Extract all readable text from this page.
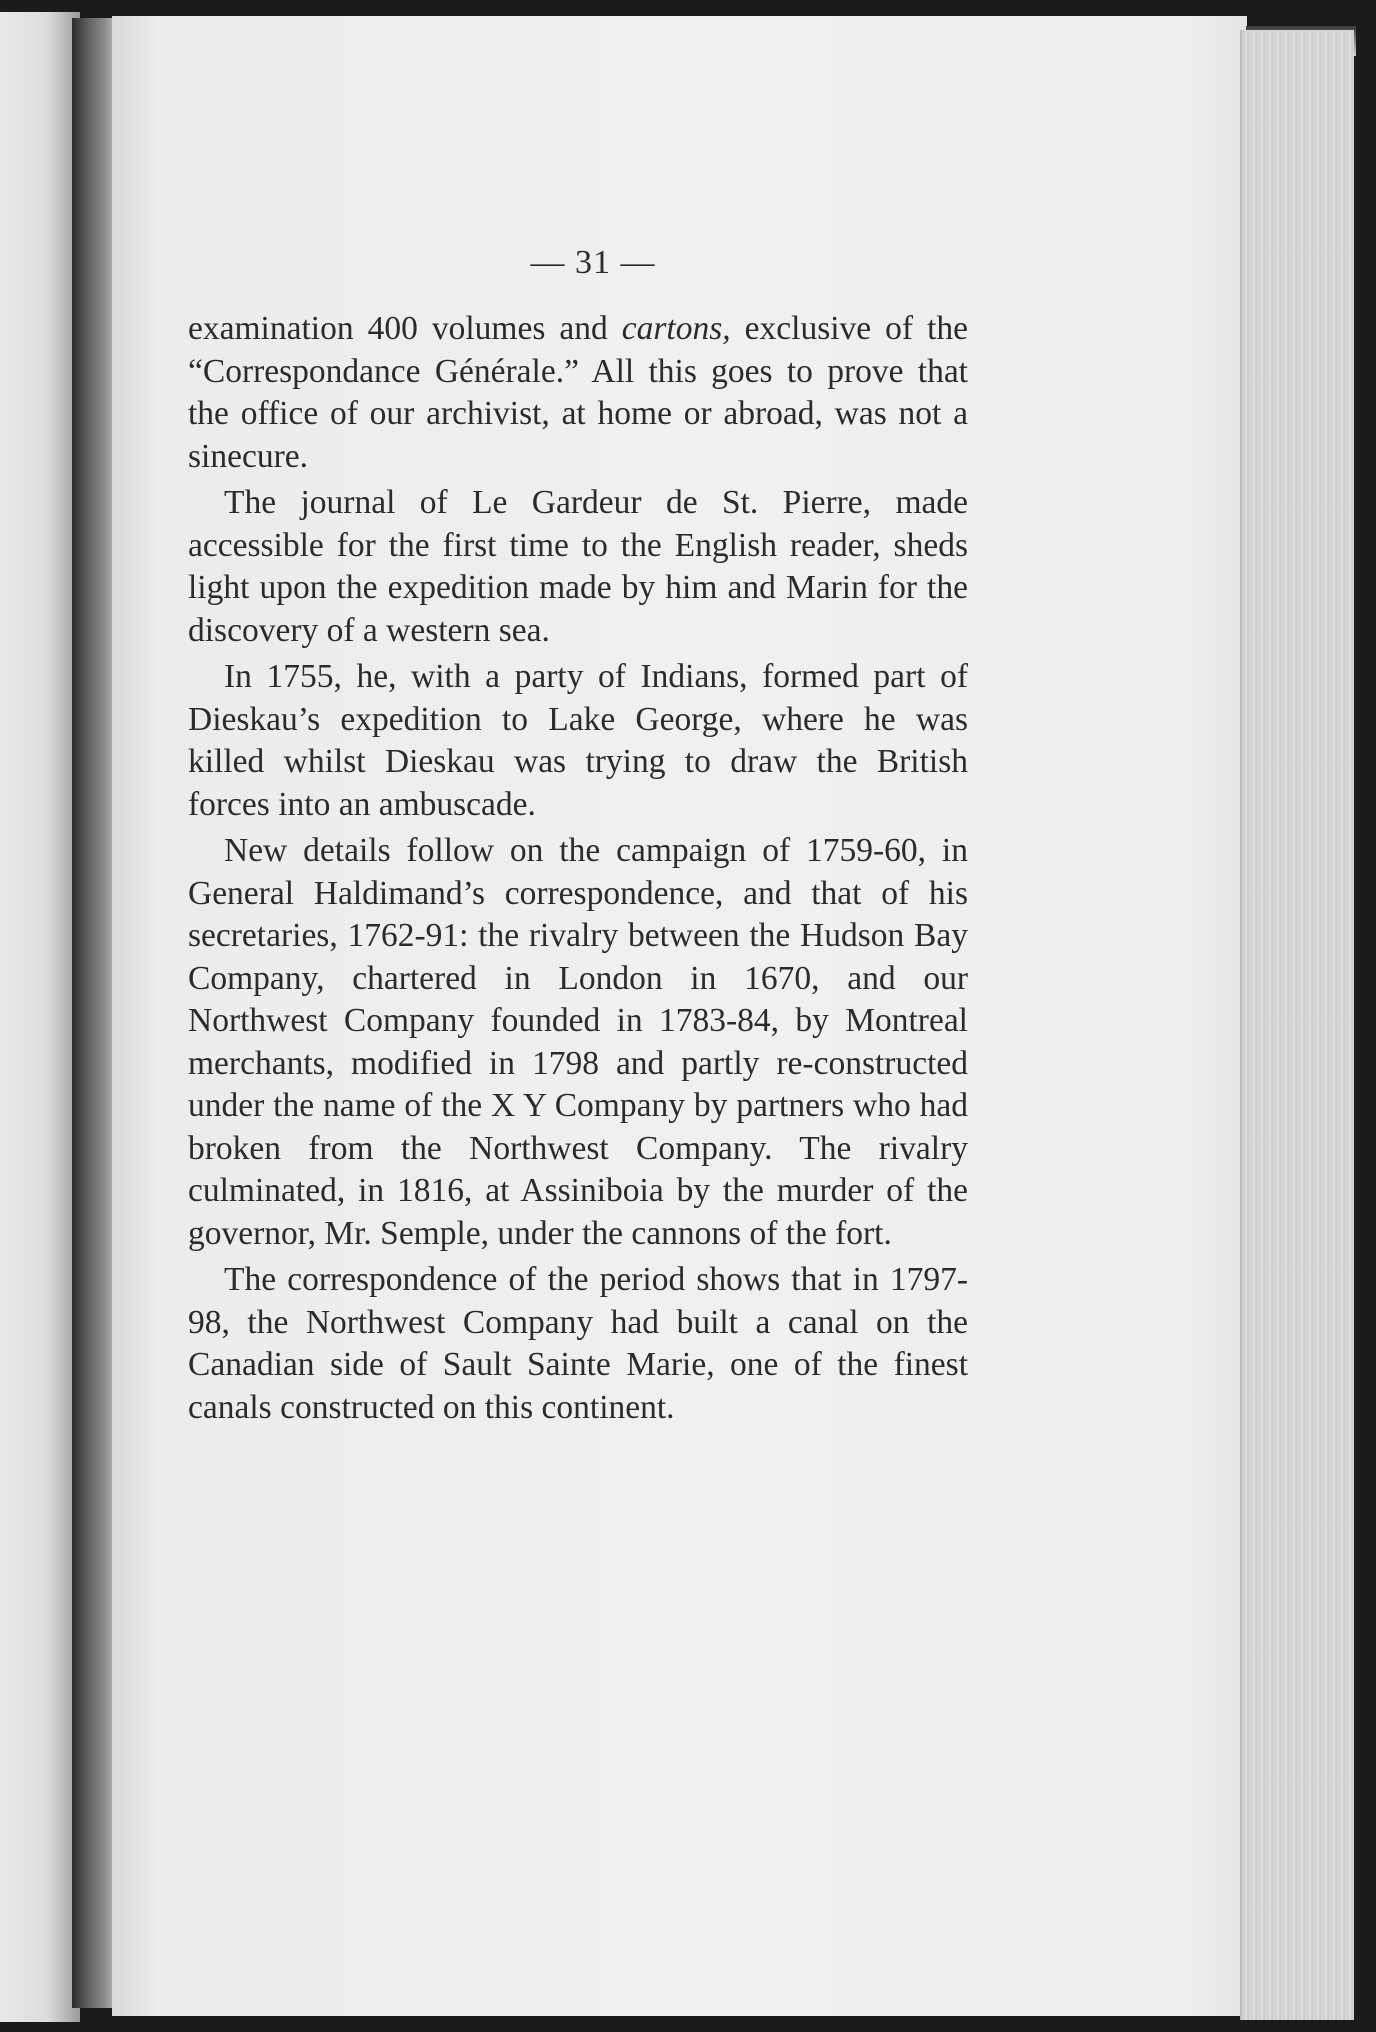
— 31 —

examination 400 volumes and cartons, exclusive of the “Correspondance Générale.” All this goes to prove that the office of our archivist, at home or abroad, was not a sinecure.

The journal of Le Gardeur de St. Pierre, made accessible for the first time to the English reader, sheds light upon the expedition made by him and Marin for the discovery of a western sea.

In 1755, he, with a party of Indians, formed part of Dieskau’s expedition to Lake George, where he was killed whilst Dieskau was trying to draw the British forces into an ambuscade.

New details follow on the campaign of 1759-60, in General Haldimand’s correspondence, and that of his secretaries, 1762-91: the rivalry between the Hudson Bay Company, chartered in London in 1670, and our Northwest Company founded in 1783-84, by Montreal merchants, modified in 1798 and partly re-constructed under the name of the X Y Company by partners who had broken from the Northwest Company. The rivalry culminated, in 1816, at Assiniboia by the murder of the governor, Mr. Semple, under the cannons of the fort.

The correspondence of the period shows that in 1797-98, the Northwest Company had built a canal on the Canadian side of Sault Sainte Marie, one of the finest canals constructed on this continent.
